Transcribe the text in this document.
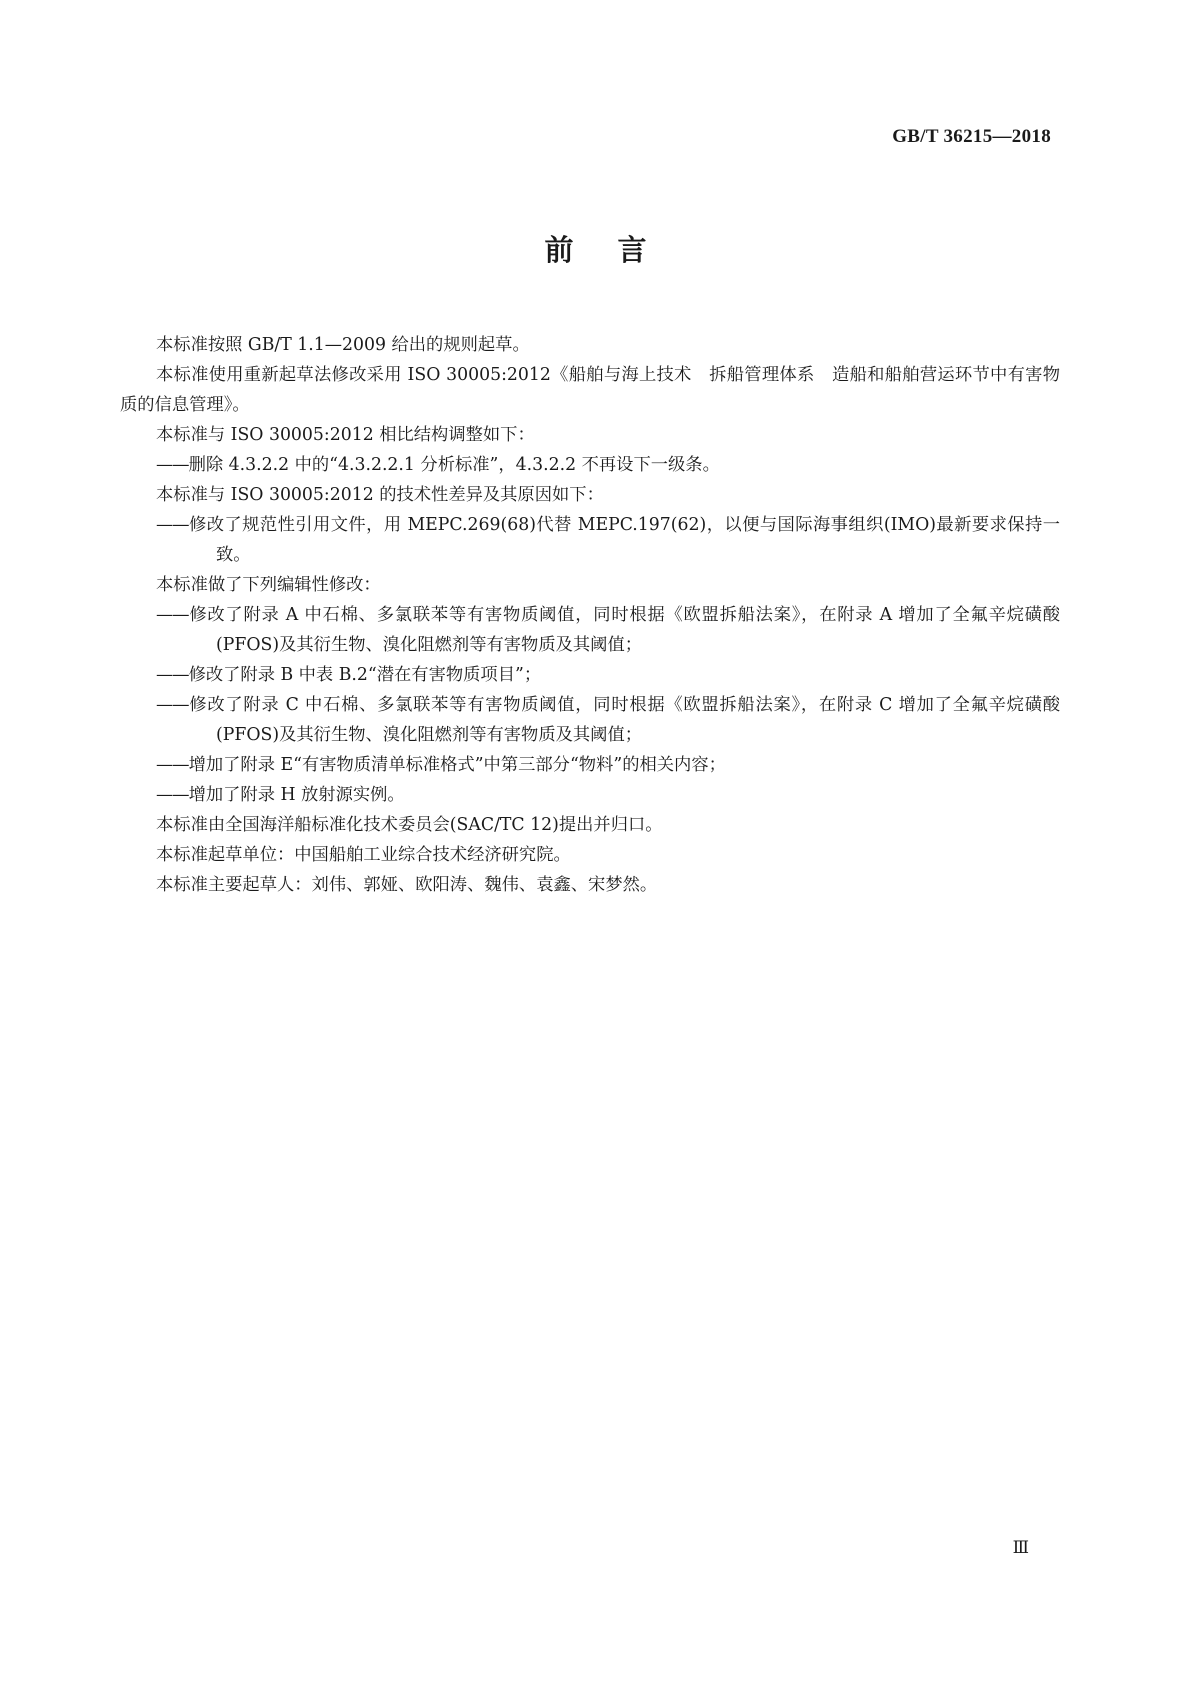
GB/T 36215—2018
前言

本标准按照 GB/T 1.1—2009 给出的规则起草。

本标准使用重新起草法修改采用 ISO 30005:2012《船舶与海上技术　拆船管理体系　造船和船舶营运环节中有害物质的信息管理》。

本标准与 ISO 30005:2012 相比结构调整如下：

——删除 4.3.2.2 中的“4.3.2.2.1 分析标准”，4.3.2.2 不再设下一级条。

本标准与 ISO 30005:2012 的技术性差异及其原因如下：

——修改了规范性引用文件，用 MEPC.269(68)代替 MEPC.197(62)，以便与国际海事组织(IMO)最新要求保持一致。

本标准做了下列编辑性修改：

——修改了附录 A 中石棉、多氯联苯等有害物质阈值，同时根据《欧盟拆船法案》，在附录 A 增加了全氟辛烷磺酸(PFOS)及其衍生物、溴化阻燃剂等有害物质及其阈值；

——修改了附录 B 中表 B.2“潜在有害物质项目”；

——修改了附录 C 中石棉、多氯联苯等有害物质阈值，同时根据《欧盟拆船法案》，在附录 C 增加了全氟辛烷磺酸(PFOS)及其衍生物、溴化阻燃剂等有害物质及其阈值；

——增加了附录 E“有害物质清单标准格式”中第三部分“物料”的相关内容；

——增加了附录 H 放射源实例。

本标准由全国海洋船标准化技术委员会(SAC/TC 12)提出并归口。

本标准起草单位：中国船舶工业综合技术经济研究院。

本标准主要起草人：刘伟、郭娅、欧阳涛、魏伟、袁鑫、宋梦然。

Ⅲ
